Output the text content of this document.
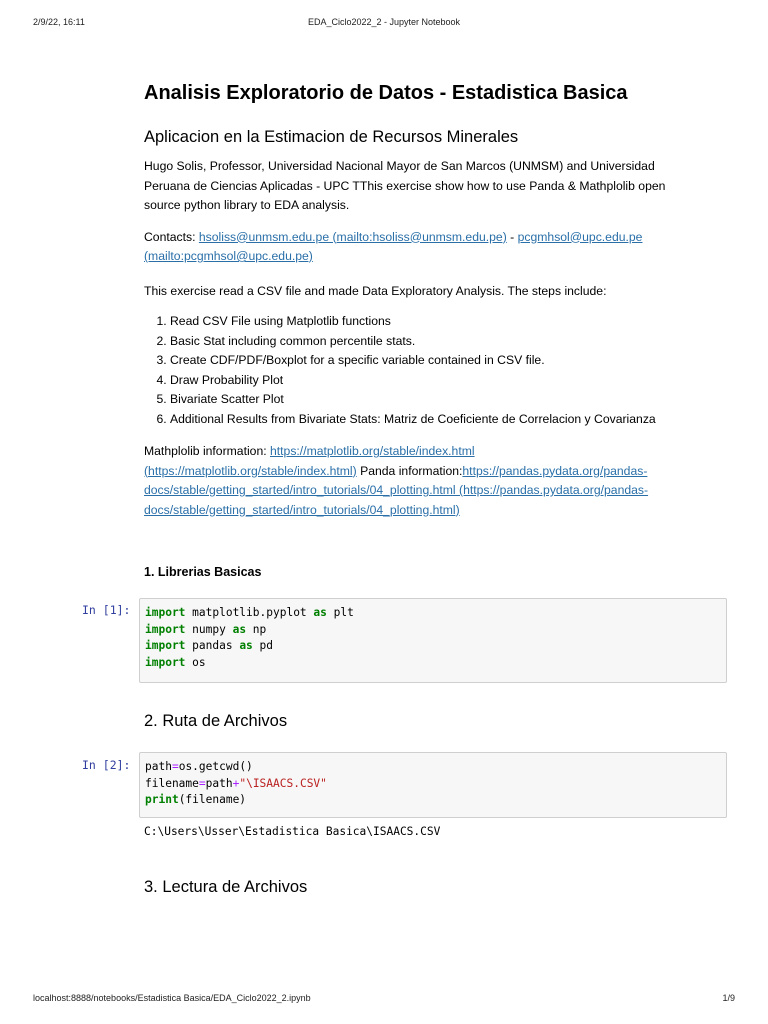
2/9/22, 16:11	EDA_Ciclo2022_2 - Jupyter Notebook
Analisis Exploratorio de Datos - Estadistica Basica
Aplicacion en la Estimacion de Recursos Minerales
Hugo Solis, Professor, Universidad Nacional Mayor de San Marcos (UNMSM) and Universidad
Peruana de Ciencias Aplicadas - UPC TThis exercise show how to use Panda & Mathplolib open
source python library to EDA analysis.
Contacts: hsoliss@unmsm.edu.pe (mailto:hsoliss@unmsm.edu.pe) - pcgmhsol@upc.edu.pe
(mailto:pcgmhsol@upc.edu.pe)
This exercise read a CSV file and made Data Exploratory Analysis. The steps include:
1. Read CSV File using Matplotlib functions
2. Basic Stat including common percentile stats.
3. Create CDF/PDF/Boxplot for a specific variable contained in CSV file.
4. Draw Probability Plot
5. Bivariate Scatter Plot
6. Additional Results from Bivariate Stats: Matriz de Coeficiente de Correlacion y Covarianza
Mathplolib information: https://matplotlib.org/stable/index.html
(https://matplotlib.org/stable/index.html) Panda information:https://pandas.pydata.org/pandas-
docs/stable/getting_started/intro_tutorials/04_plotting.html (https://pandas.pydata.org/pandas-
docs/stable/getting_started/intro_tutorials/04_plotting.html)
1. Librerias Basicas
In [1]:	import matplotlib.pyplot as plt
import numpy as np
import pandas as pd
import os
2. Ruta de Archivos
In [2]:	path=os.getcwd()
filename=path+"\ISAACS.CSV"
print(filename)
C:\Users\Usser\Estadistica Basica\ISAACS.CSV
3. Lectura de Archivos
localhost:8888/notebooks/Estadistica Basica/EDA_Ciclo2022_2.ipynb	1/9
